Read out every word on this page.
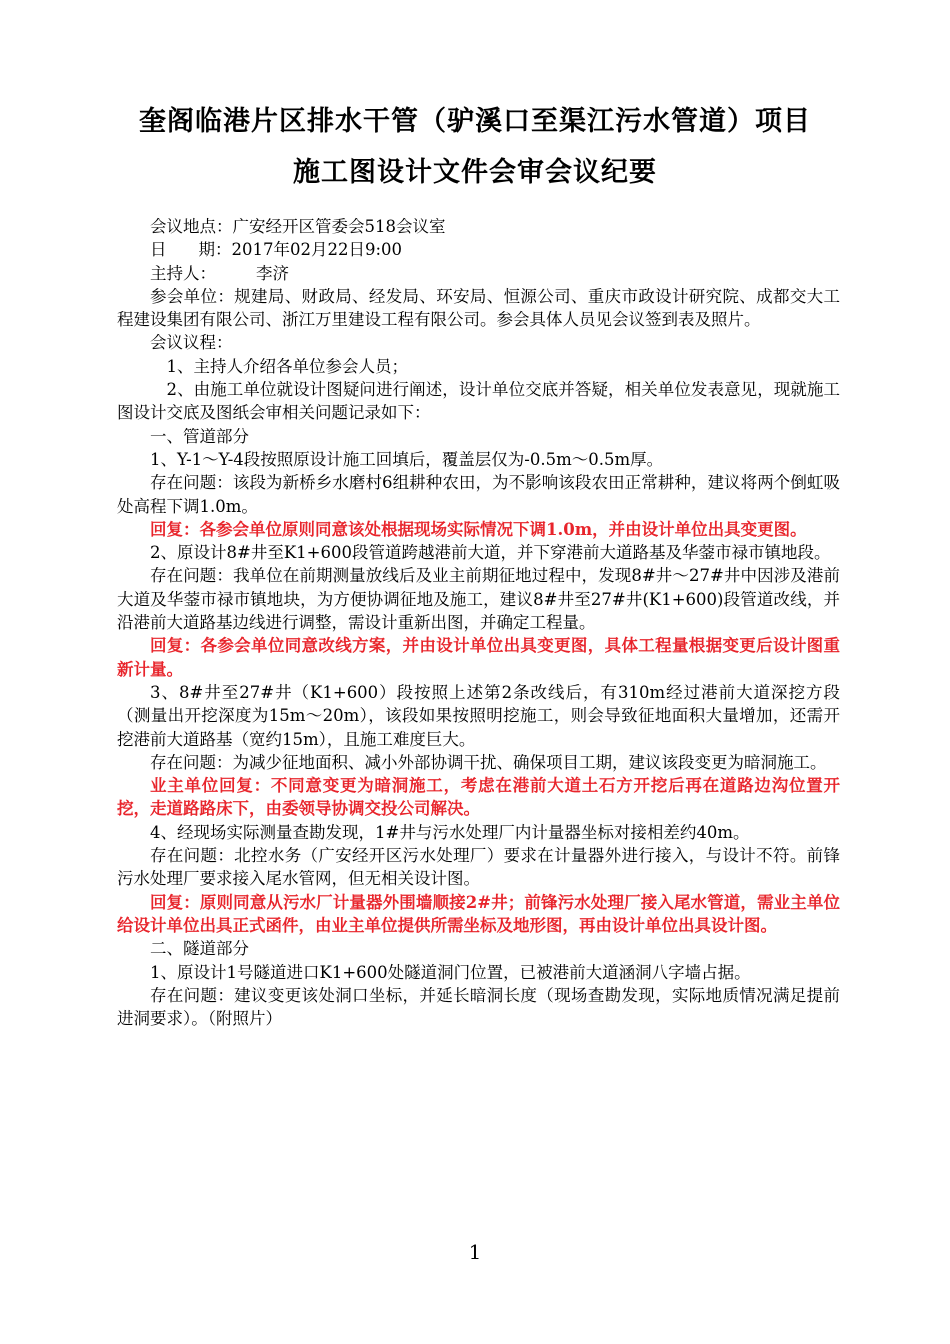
奎阁临港片区排水干管（驴溪口至渠江污水管道）项目
施工图设计文件会审会议纪要

会议地点：广安经开区管委会518会议室

日 期：2017年02月22日9:00

主持人： 李济

参会单位：规建局、财政局、经发局、环安局、恒源公司、重庆市政设计研究院、成都交大工程建设集团有限公司、浙江万里建设工程有限公司。参会具体人员见会议签到表及照片。

会议议程：

1、主持人介绍各单位参会人员；

2、由施工单位就设计图疑问进行阐述，设计单位交底并答疑，相关单位发表意见，现就施工图设计交底及图纸会审相关问题记录如下：

一、管道部分

1、Y-1～Y-4段按照原设计施工回填后，覆盖层仅为-0.5m～0.5m厚。

存在问题：该段为新桥乡水磨村6组耕种农田，为不影响该段农田正常耕种，建议将两个倒虹吸处高程下调1.0m。

回复：各参会单位原则同意该处根据现场实际情况下调1.0m，并由设计单位出具变更图。

2、原设计8#井至K1+600段管道跨越港前大道，并下穿港前大道路基及华蓥市禄市镇地段。

存在问题：我单位在前期测量放线后及业主前期征地过程中，发现8#井～27#井中因涉及港前大道及华蓥市禄市镇地块，为方便协调征地及施工，建议8#井至27#井(K1+600)段管道改线，并沿港前大道路基边线进行调整，需设计重新出图，并确定工程量。

回复：各参会单位同意改线方案，并由设计单位出具变更图，具体工程量根据变更后设计图重新计量。

3、8#井至27#井（K1+600）段按照上述第2条改线后，有310m经过港前大道深挖方段（测量出开挖深度为15m～20m），该段如果按照明挖施工，则会导致征地面积大量增加，还需开挖港前大道路基（宽约15m），且施工难度巨大。

存在问题：为减少征地面积、减小外部协调干扰、确保项目工期，建议该段变更为暗洞施工。

业主单位回复：不同意变更为暗洞施工，考虑在港前大道土石方开挖后再在道路边沟位置开挖，走道路路床下，由委领导协调交投公司解决。

4、经现场实际测量查勘发现，1#井与污水处理厂内计量器坐标对接相差约40m。

存在问题：北控水务（广安经开区污水处理厂）要求在计量器外进行接入，与设计不符。前锋污水处理厂要求接入尾水管网，但无相关设计图。

回复：原则同意从污水厂计量器外围墙顺接2#井；前锋污水处理厂接入尾水管道，需业主单位给设计单位出具正式函件，由业主单位提供所需坐标及地形图，再由设计单位出具设计图。

二、隧道部分

1、原设计1号隧道进口K1+600处隧道洞门位置，已被港前大道涵洞八字墙占据。

存在问题：建议变更该处洞口坐标，并延长暗洞长度（现场查勘发现，实际地质情况满足提前进洞要求）。（附照片）

1
